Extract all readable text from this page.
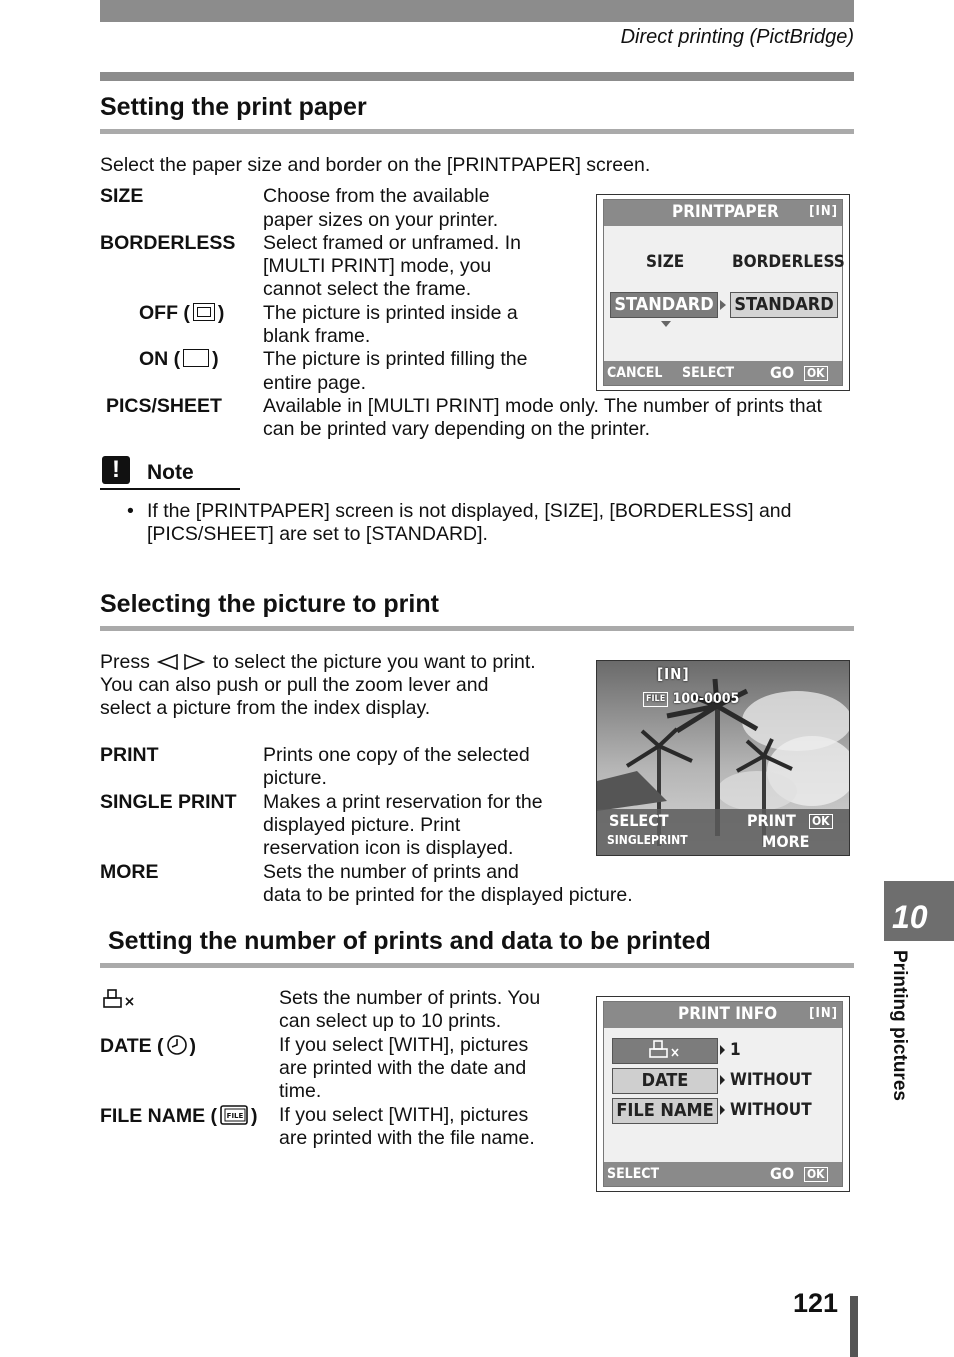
Direct printing (PictBridge)
Setting the print paper
Select the paper size and border on the [PRINTPAPER] screen.
SIZE	Choose from the available
paper sizes on your printer.
BORDERLESS Select framed or unframed. In
[MULTI PRINT] mode, you
cannot select the frame.
OFF ( ) The picture is printed inside a
blank frame.
ON ( ) The picture is printed filling the
entire page.
PICS/SHEET Available in [MULTI PRINT] mode only. The number of prints that
can be printed vary depending on the printer.
PRINTPAPER [IN]
SIZE	BORDERLESS
STANDARD STANDARD
CANCEL SELECT GO OK
!	Note
• If the [PRINTPAPER] screen is not displayed, [SIZE], [BORDERLESS] and
[PICS/SHEET] are set to [STANDARD].
Selecting the picture to print
Press	to select the picture you want to print.
You can also push or pull the zoom lever and
select a picture from the index display.
PRINT	Prints one copy of the selected
picture.
SINGLE PRINT Makes a print reservation for the
displayed picture. Print
reservation icon is displayed.
MORE	Sets the number of prints and
data to be printed for the displayed picture.
[IN]
FILE 100-0005
SELECT	PRINT OK
SINGLEPRINT	MORE
Setting the number of prints and data to be printed
Sets the number of prints. You
can select up to 10 prints.
DATE ( )	If you select [WITH], pictures
are printed with the date and
time.
FILE NAME ( FILE ) If you select [WITH], pictures
are printed with the file name.
PRINT INFO [IN]
1
DATE	WITHOUT
FILE NAME WITHOUT
SELECT	GO OK
10
Printing pictures
121
